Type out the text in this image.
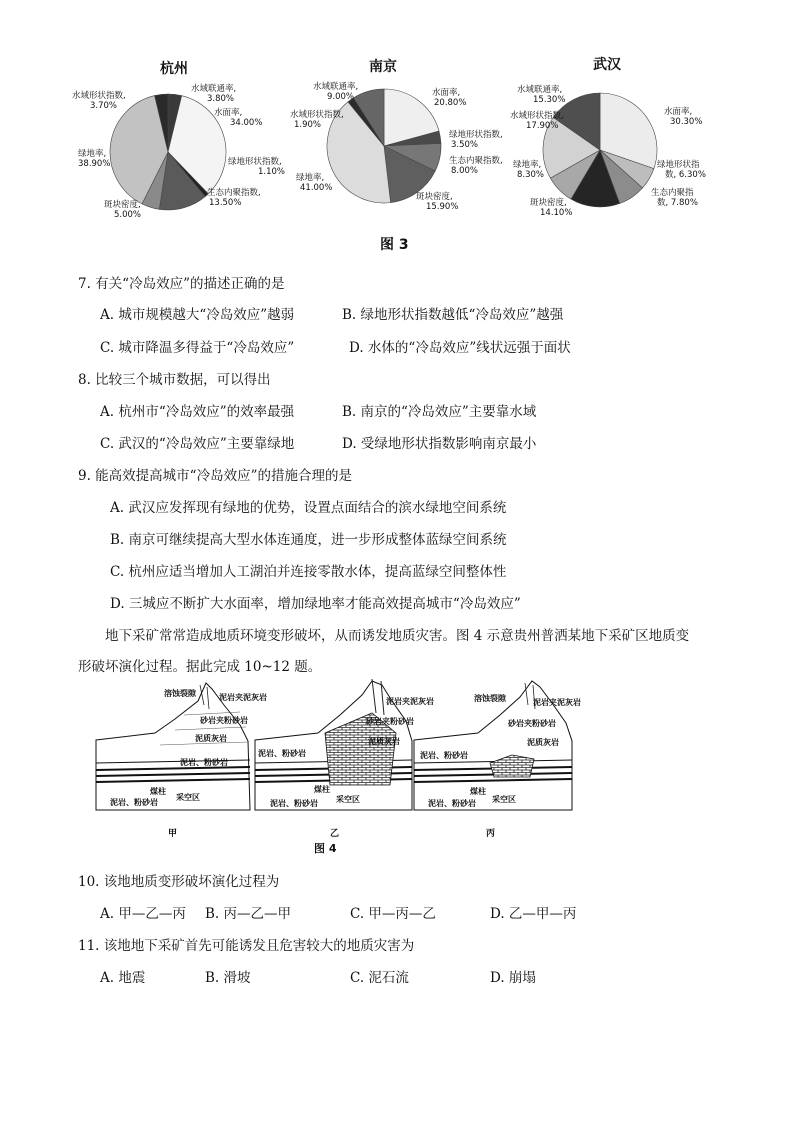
杭州
水域联通率,
3.80%
水面率,
34.00%
绿地形状指数,
1.10%
生态内聚指数,
13.50%
斑块密度,
5.00%
绿地率,
38.90%
水域形状指数,
3.70%
南京
水域联通率,
9.00%	水面率,
20.80%
绿地形状指数,
3.50%
生态内聚指数,
8.00%
斑块密度,
15.90%
绿地率,
41.00%
水域形状指数,
1.90%
武汉
水域联通率,
15.30%
水面率,
30.30%
绿地形状指
数, 6.30%
生态内聚指
数, 7.80%
斑块密度,
14.10%
绿地率,
8.30%
水域形状指数,
17.90%
图 3
7. 有关“冷岛效应”的描述正确的是
A. 城市规模越大“冷岛效应”越弱	B. 绿地形状指数越低“冷岛效应”越强
C. 城市降温多得益于“冷岛效应”	D. 水体的“冷岛效应”线状远强于面状
8. 比较三个城市数据，可以得出
A. 杭州市“冷岛效应”的效率最强	B. 南京的“冷岛效应”主要靠水域
C. 武汉的“冷岛效应”主要靠绿地	D. 受绿地形状指数影响南京最小
9. 能高效提高城市“冷岛效应”的措施合理的是
A. 武汉应发挥现有绿地的优势，设置点面结合的滨水绿地空间系统
B. 南京可继续提高大型水体连通度，进一步形成整体蓝绿空间系统
C. 杭州应适当增加人工湖泊并连接零散水体，提高蓝绿空间整体性
D. 三城应不断扩大水面率，增加绿地率才能高效提高城市“冷岛效应”
地下采矿常常造成地质环境变形破坏，从而诱发地质灾害。图 4 示意贵州普洒某地下采矿区地质变
形破坏演化过程。据此完成 10~12 题。
溶蚀裂隙	泥岩夹泥灰岩
砂岩夹粉砂岩
泥质灰岩
泥岩、粉砂岩
煤柱
采空区
泥岩、粉砂岩
甲
泥岩夹泥灰岩
砂岩夹粉砂岩
泥质灰岩
泥岩、粉砂岩
煤柱
采空区
泥岩、粉砂岩
乙
溶蚀裂隙	泥岩夹泥灰岩
砂岩夹粉砂岩
泥质灰岩
泥岩、粉砂岩
煤柱
采空区
泥岩、粉砂岩
丙
图 4
10. 该地地质变形破坏演化过程为
A. 甲—乙—丙 B. 丙—乙—甲	C. 甲—丙—乙	D. 乙—甲—丙
11. 该地地下采矿首先可能诱发且危害较大的地质灾害为
A. 地震	B. 滑坡	C. 泥石流	D. 崩塌
